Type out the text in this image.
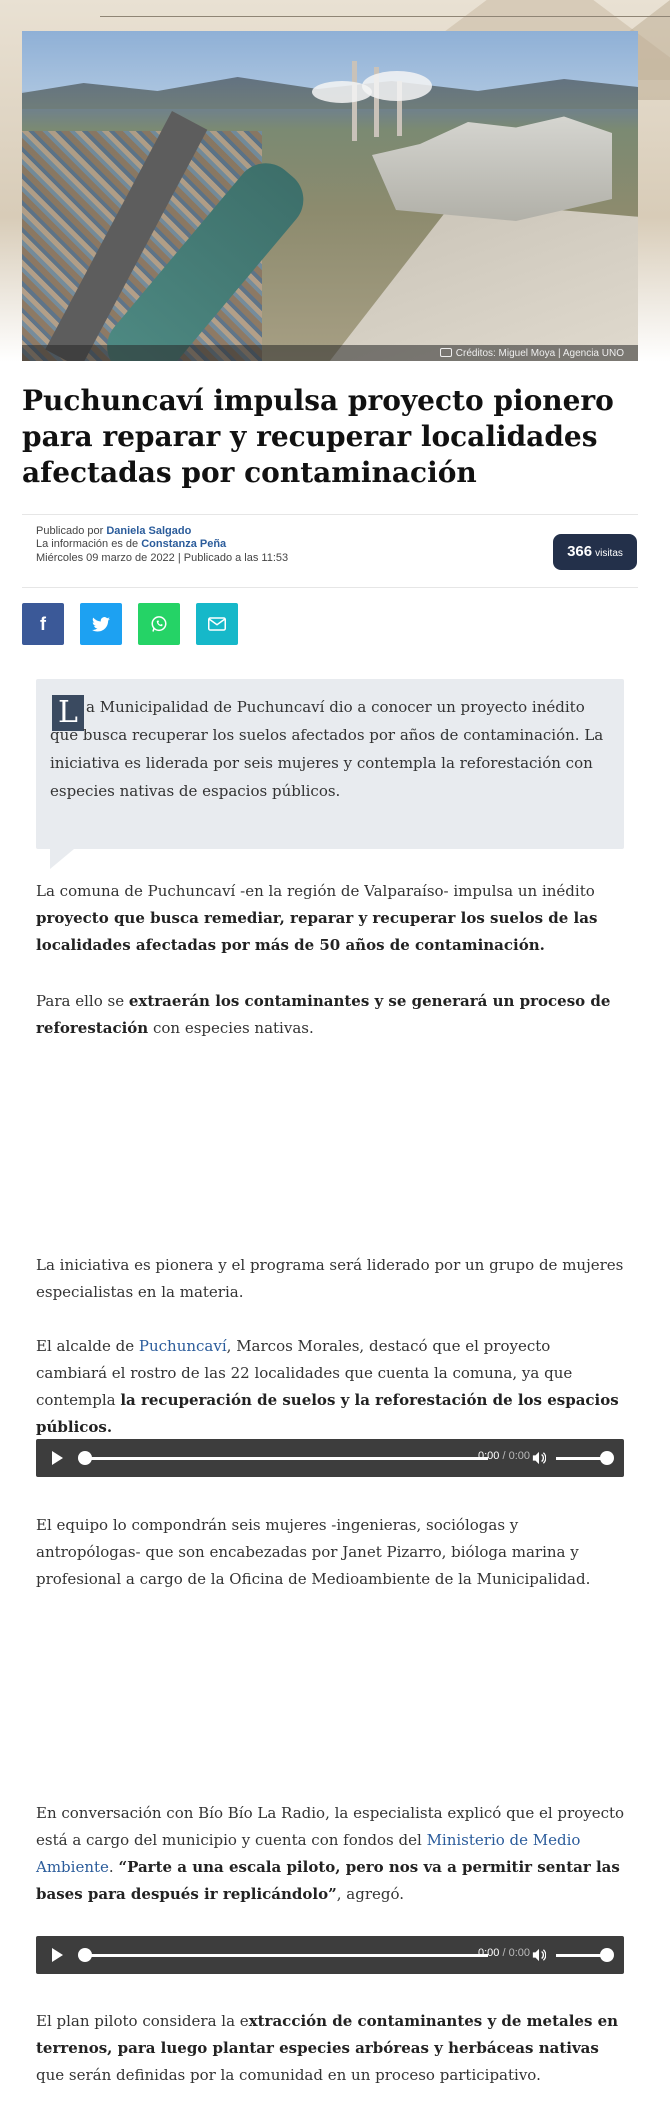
Créditos: Miguel Moya | Agencia UNO
Puchuncaví impulsa proyecto pionero para reparar y recuperar localidades afectadas por contaminación
Publicado por Daniela Salgado
La información es de Constanza Peña
Miércoles 09 marzo de 2022 | Publicado a las 11:53	366 visitas
f
L a Municipalidad de Puchuncaví dio a conocer un proyecto inédito que busca recuperar los suelos afectados por años de contaminación. La iniciativa es liderada por seis mujeres y contempla la reforestación con especies nativas de espacios públicos.

La comuna de Puchuncaví -en la región de Valparaíso- impulsa un inédito proyecto que busca remediar, reparar y recuperar los suelos de las localidades afectadas por más de 50 años de contaminación.

Para ello se extraerán los contaminantes y se generará un proceso de reforestación con especies nativas.

La iniciativa es pionera y el programa será liderado por un grupo de mujeres especialistas en la materia.

El alcalde de Puchuncaví, Marcos Morales, destacó que el proyecto cambiará el rostro de las 22 localidades que cuenta la comuna, ya que contempla la recuperación de suelos y la reforestación de los espacios públicos.

0:00 / 0:00

El equipo lo compondrán seis mujeres -ingenieras, sociólogas y antropólogas- que son encabezadas por Janet Pizarro, bióloga marina y profesional a cargo de la Oficina de Medioambiente de la Municipalidad.

En conversación con Bío Bío La Radio, la especialista explicó que el proyecto está a cargo del municipio y cuenta con fondos del Ministerio de Medio Ambiente. “Parte a una escala piloto, pero nos va a permitir sentar las bases para después ir replicándolo”, agregó.

0:00 / 0:00

El plan piloto considera la extracción de contaminantes y de metales en terrenos, para luego plantar especies arbóreas y herbáceas nativas que serán definidas por la comunidad en un proceso participativo.
